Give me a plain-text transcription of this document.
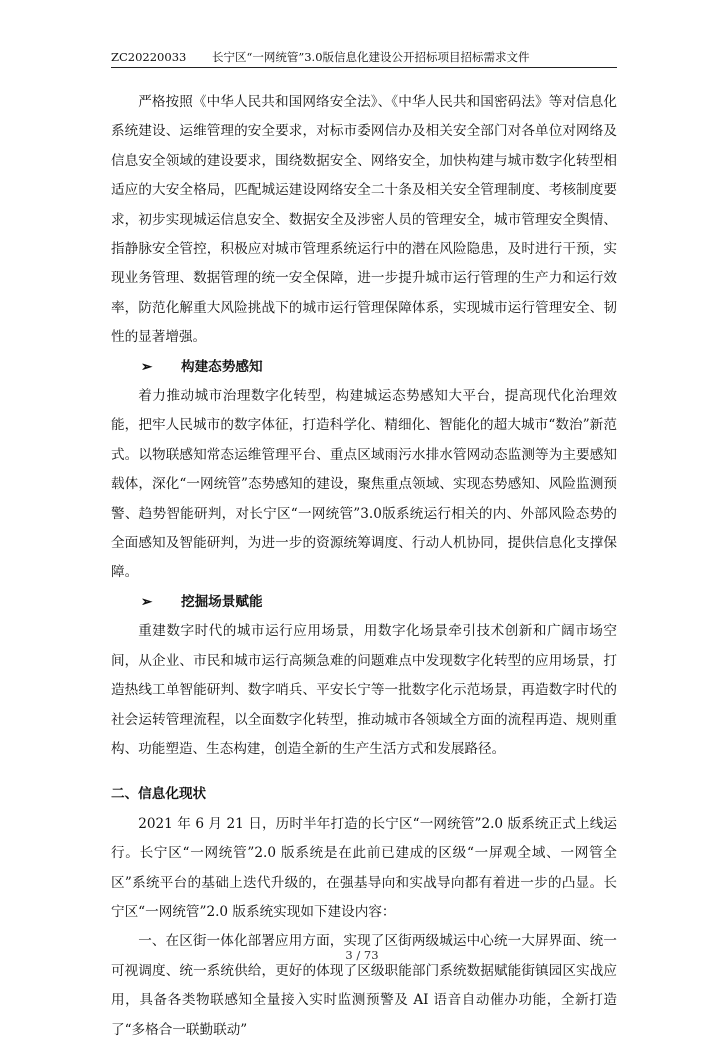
ZC20220033 长宁区“一网统管”3.0版信息化建设公开招标项目招标需求文件

严格按照《中华人民共和国网络安全法》、《中华人民共和国密码法》等对信息化系统建设、运维管理的安全要求，对标市委网信办及相关安全部门对各单位对网络及信息安全领域的建设要求，围绕数据安全、网络安全，加快构建与城市数字化转型相适应的大安全格局，匹配城运建设网络安全二十条及相关安全管理制度、考核制度要求，初步实现城运信息安全、数据安全及涉密人员的管理安全，城市管理安全舆情、指静脉安全管控，积极应对城市管理系统运行中的潜在风险隐患，及时进行干预，实现业务管理、数据管理的统一安全保障，进一步提升城市运行管理的生产力和运行效率，防范化解重大风险挑战下的城市运行管理保障体系，实现城市运行管理安全、韧性的显著增强。

➢ 构建态势感知

着力推动城市治理数字化转型，构建城运态势感知大平台，提高现代化治理效能，把牢人民城市的数字体征，打造科学化、精细化、智能化的超大城市“数治”新范式。以物联感知常态运维管理平台、重点区域雨污水排水管网动态监测等为主要感知载体，深化“一网统管”态势感知的建设，聚焦重点领域、实现态势感知、风险监测预警、趋势智能研判，对长宁区“一网统管”3.0版系统运行相关的内、外部风险态势的全面感知及智能研判，为进一步的资源统筹调度、行动人机协同，提供信息化支撑保障。

➢ 挖掘场景赋能

重建数字时代的城市运行应用场景，用数字化场景牵引技术创新和广阔市场空间，从企业、市民和城市运行高频急难的问题难点中发现数字化转型的应用场景，打造热线工单智能研判、数字哨兵、平安长宁等一批数字化示范场景，再造数字时代的社会运转管理流程，以全面数字化转型，推动城市各领域全方面的流程再造、规则重构、功能塑造、生态构建，创造全新的生产生活方式和发展路径。

二、信息化现状

2021 年 6 月 21 日，历时半年打造的长宁区“一网统管”2.0 版系统正式上线运行。长宁区“一网统管”2.0 版系统是在此前已建成的区级“一屏观全域、一网管全区”系统平台的基础上迭代升级的，在强基导向和实战导向都有着进一步的凸显。长宁区“一网统管”2.0 版系统实现如下建设内容：

一、在区街一体化部署应用方面，实现了区街两级城运中心统一大屏界面、统一可视调度、统一系统供给，更好的体现了区级职能部门系统数据赋能街镇园区实战应用，具备各类物联感知全量接入实时监测预警及 AI 语音自动催办功能，全新打造了“多格合一联勤联动”

3 / 73
